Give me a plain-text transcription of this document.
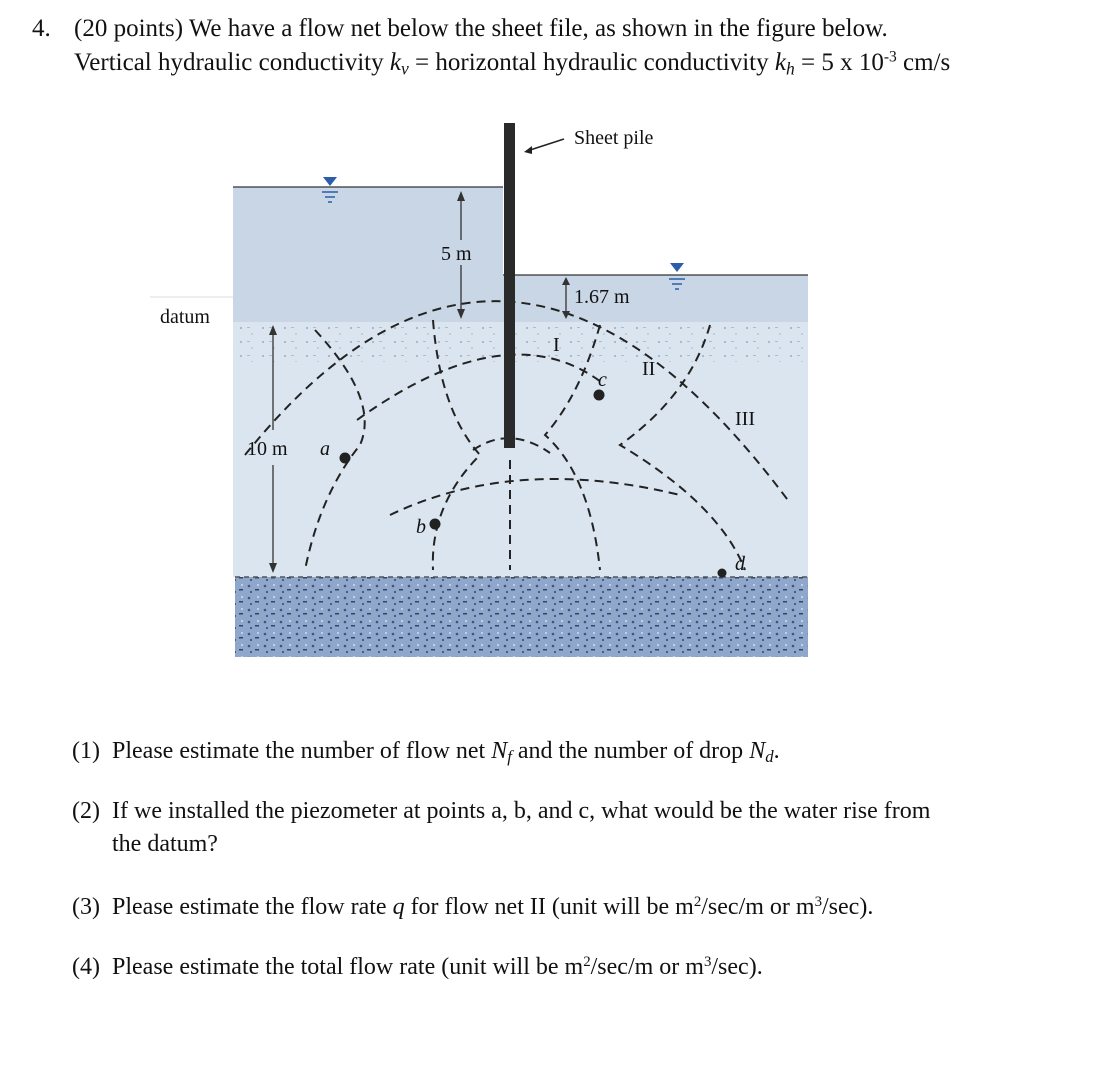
4. (20 points) We have a flow net below the sheet file, as shown in the figure below.
Vertical hydraulic conductivity $k_v$ = horizontal hydraulic conductivity $k_h = 5$ x $10^{-3}$ cm/s
Sheet pile
5 m
1.67 m
datum
10 m
I
II
III
a
b
c
d
(1) Please estimate the number of flow net $N_f$ and the number of drop $N_d$.
(2) If we installed the piezometer at points a, b, and c, what would be the water rise from
the datum?
(3) Please estimate the flow rate q for flow net II (unit will be $m^2/\sec/m$ or $m^3/\sec$).
(4) Please estimate the total flow rate (unit will be $m^2/\sec/m$ or $m^3/\sec$).
